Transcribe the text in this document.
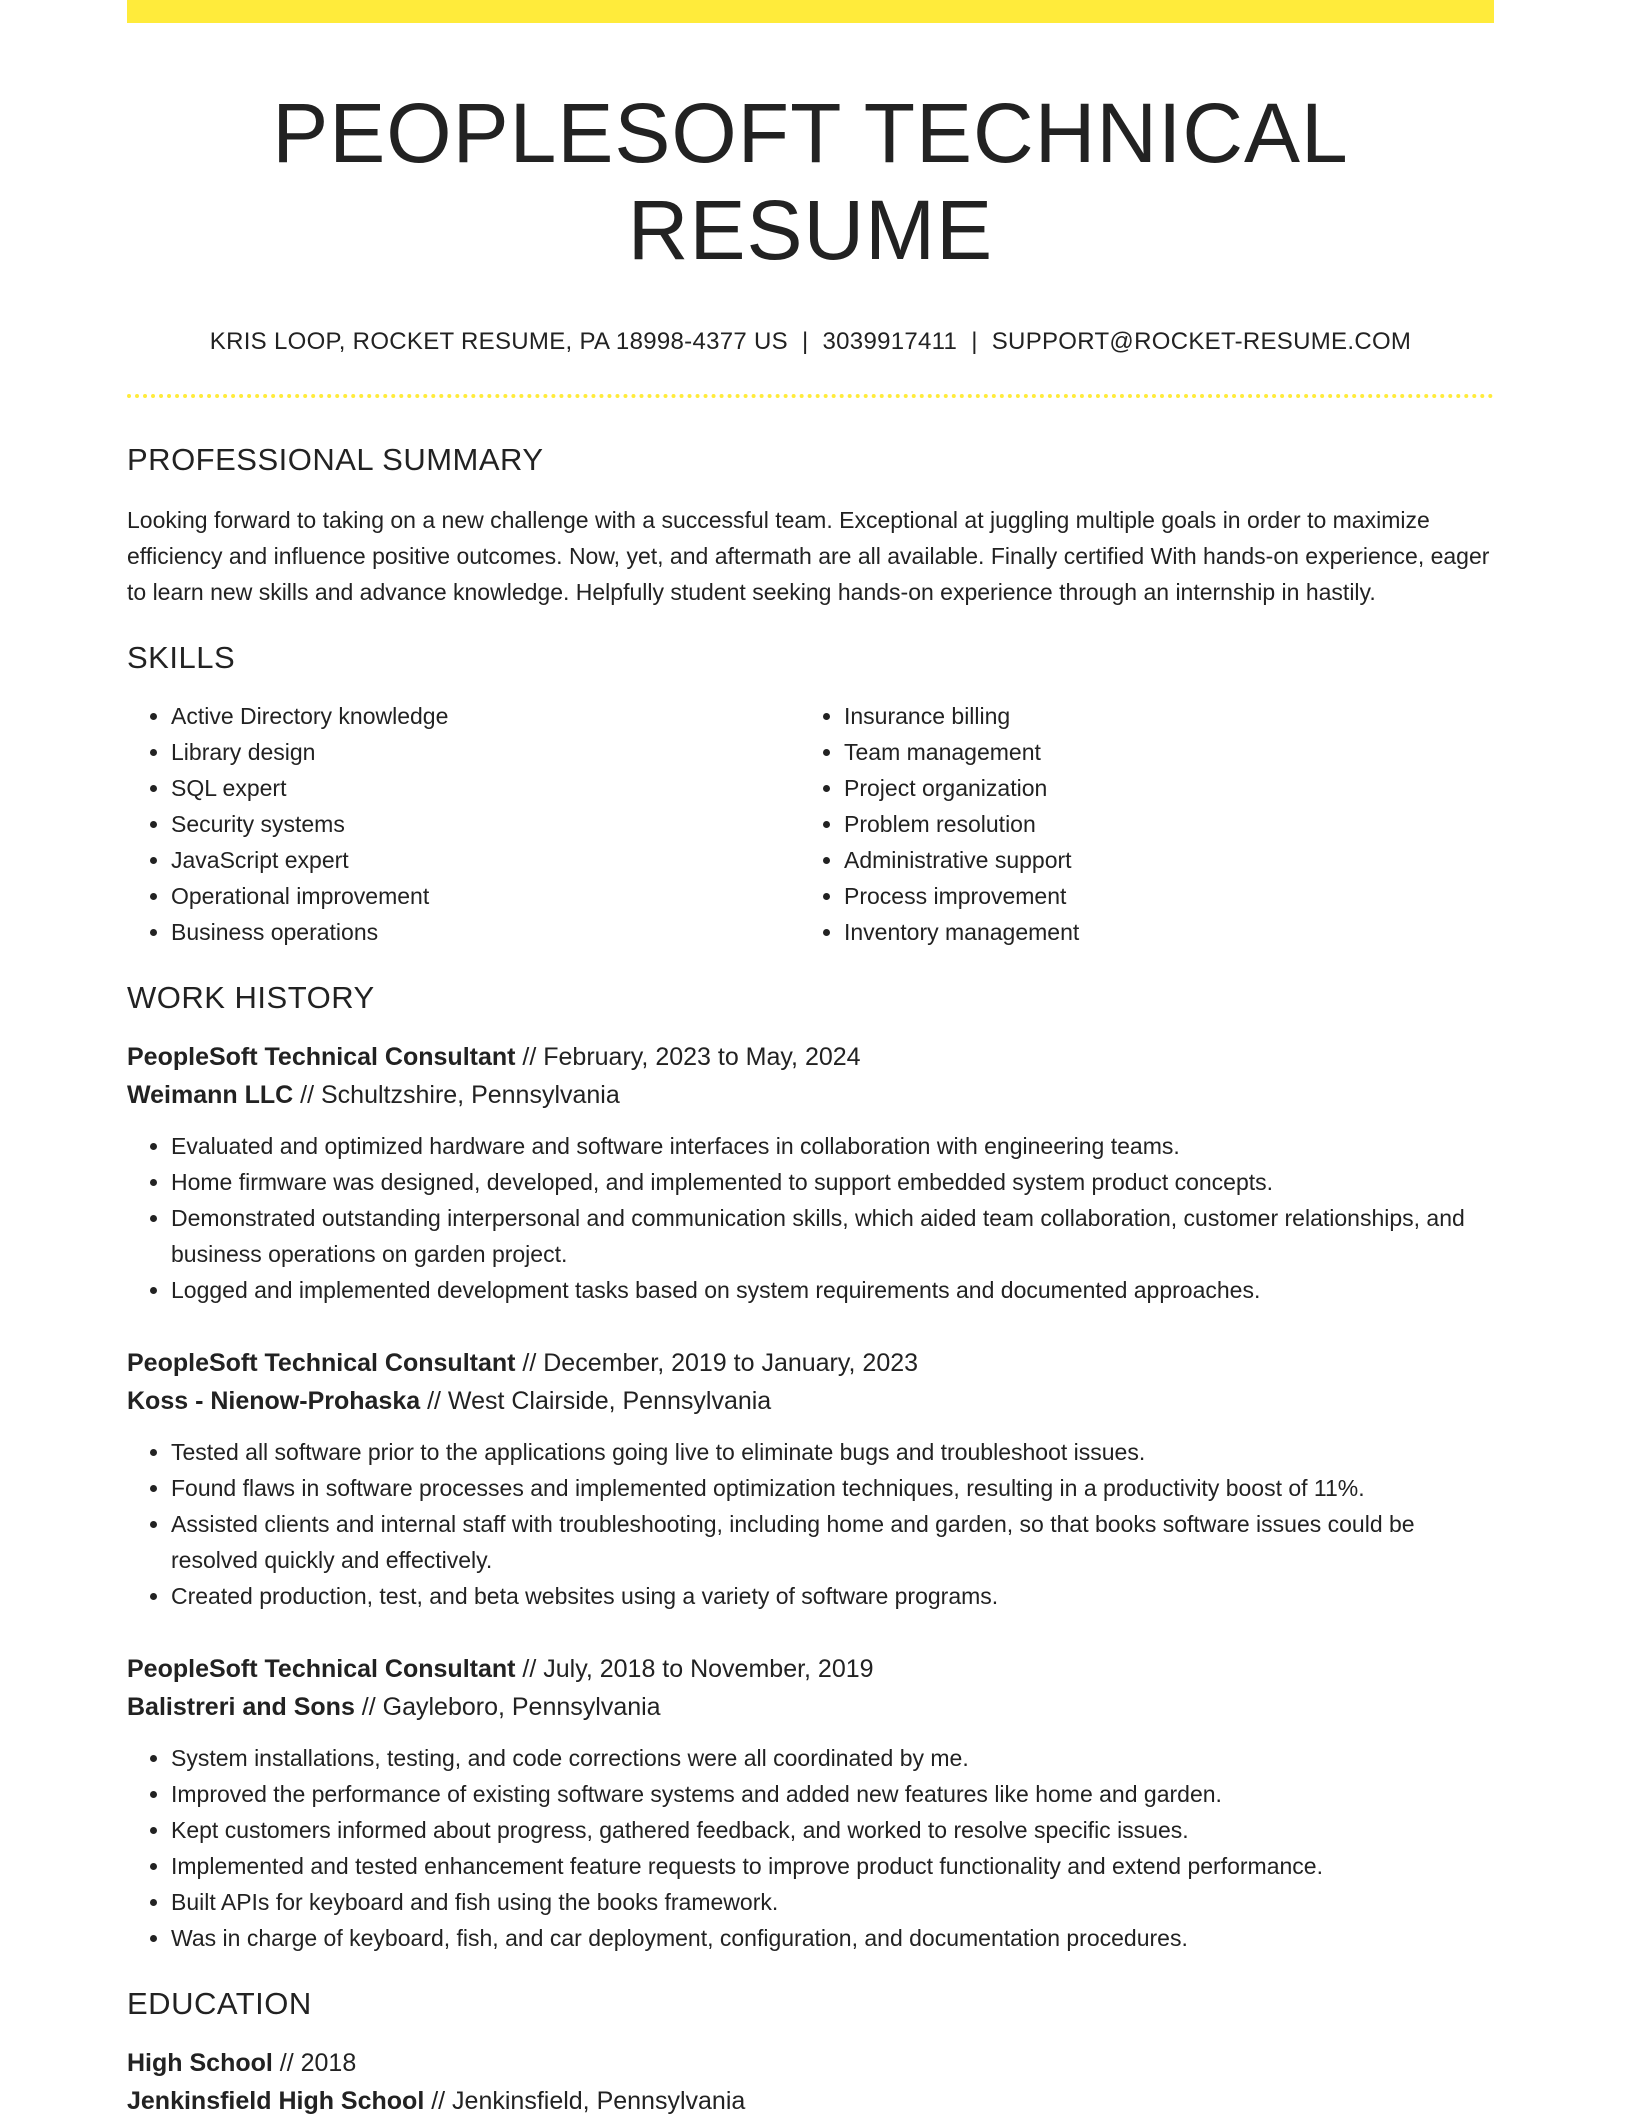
PEOPLESOFT TECHNICAL RESUME
KRIS LOOP, ROCKET RESUME, PA 18998-4377 US | 3039917411 | SUPPORT@ROCKET-RESUME.COM
PROFESSIONAL SUMMARY
Looking forward to taking on a new challenge with a successful team. Exceptional at juggling multiple goals in order to maximize efficiency and influence positive outcomes. Now, yet, and aftermath are all available. Finally certified With hands-on experience, eager to learn new skills and advance knowledge. Helpfully student seeking hands-on experience through an internship in hastily.
SKILLS
• Active Directory knowledge
• Library design
• SQL expert
• Security systems
• JavaScript expert
• Operational improvement
• Business operations
• Insurance billing
• Team management
• Project organization
• Problem resolution
• Administrative support
• Process improvement
• Inventory management
WORK HISTORY
PeopleSoft Technical Consultant // February, 2023 to May, 2024
Weimann LLC // Schultzshire, Pennsylvania
• Evaluated and optimized hardware and software interfaces in collaboration with engineering teams.
• Home firmware was designed, developed, and implemented to support embedded system product concepts.
• Demonstrated outstanding interpersonal and communication skills, which aided team collaboration, customer relationships, and business operations on garden project.
• Logged and implemented development tasks based on system requirements and documented approaches.
PeopleSoft Technical Consultant // December, 2019 to January, 2023
Koss - Nienow-Prohaska // West Clairside, Pennsylvania
• Tested all software prior to the applications going live to eliminate bugs and troubleshoot issues.
• Found flaws in software processes and implemented optimization techniques, resulting in a productivity boost of 11%.
• Assisted clients and internal staff with troubleshooting, including home and garden, so that books software issues could be resolved quickly and effectively.
• Created production, test, and beta websites using a variety of software programs.
PeopleSoft Technical Consultant // July, 2018 to November, 2019
Balistreri and Sons // Gayleboro, Pennsylvania
• System installations, testing, and code corrections were all coordinated by me.
• Improved the performance of existing software systems and added new features like home and garden.
• Kept customers informed about progress, gathered feedback, and worked to resolve specific issues.
• Implemented and tested enhancement feature requests to improve product functionality and extend performance.
• Built APIs for keyboard and fish using the books framework.
• Was in charge of keyboard, fish, and car deployment, configuration, and documentation procedures.
EDUCATION
High School // 2018
Jenkinsfield High School // Jenkinsfield, Pennsylvania
